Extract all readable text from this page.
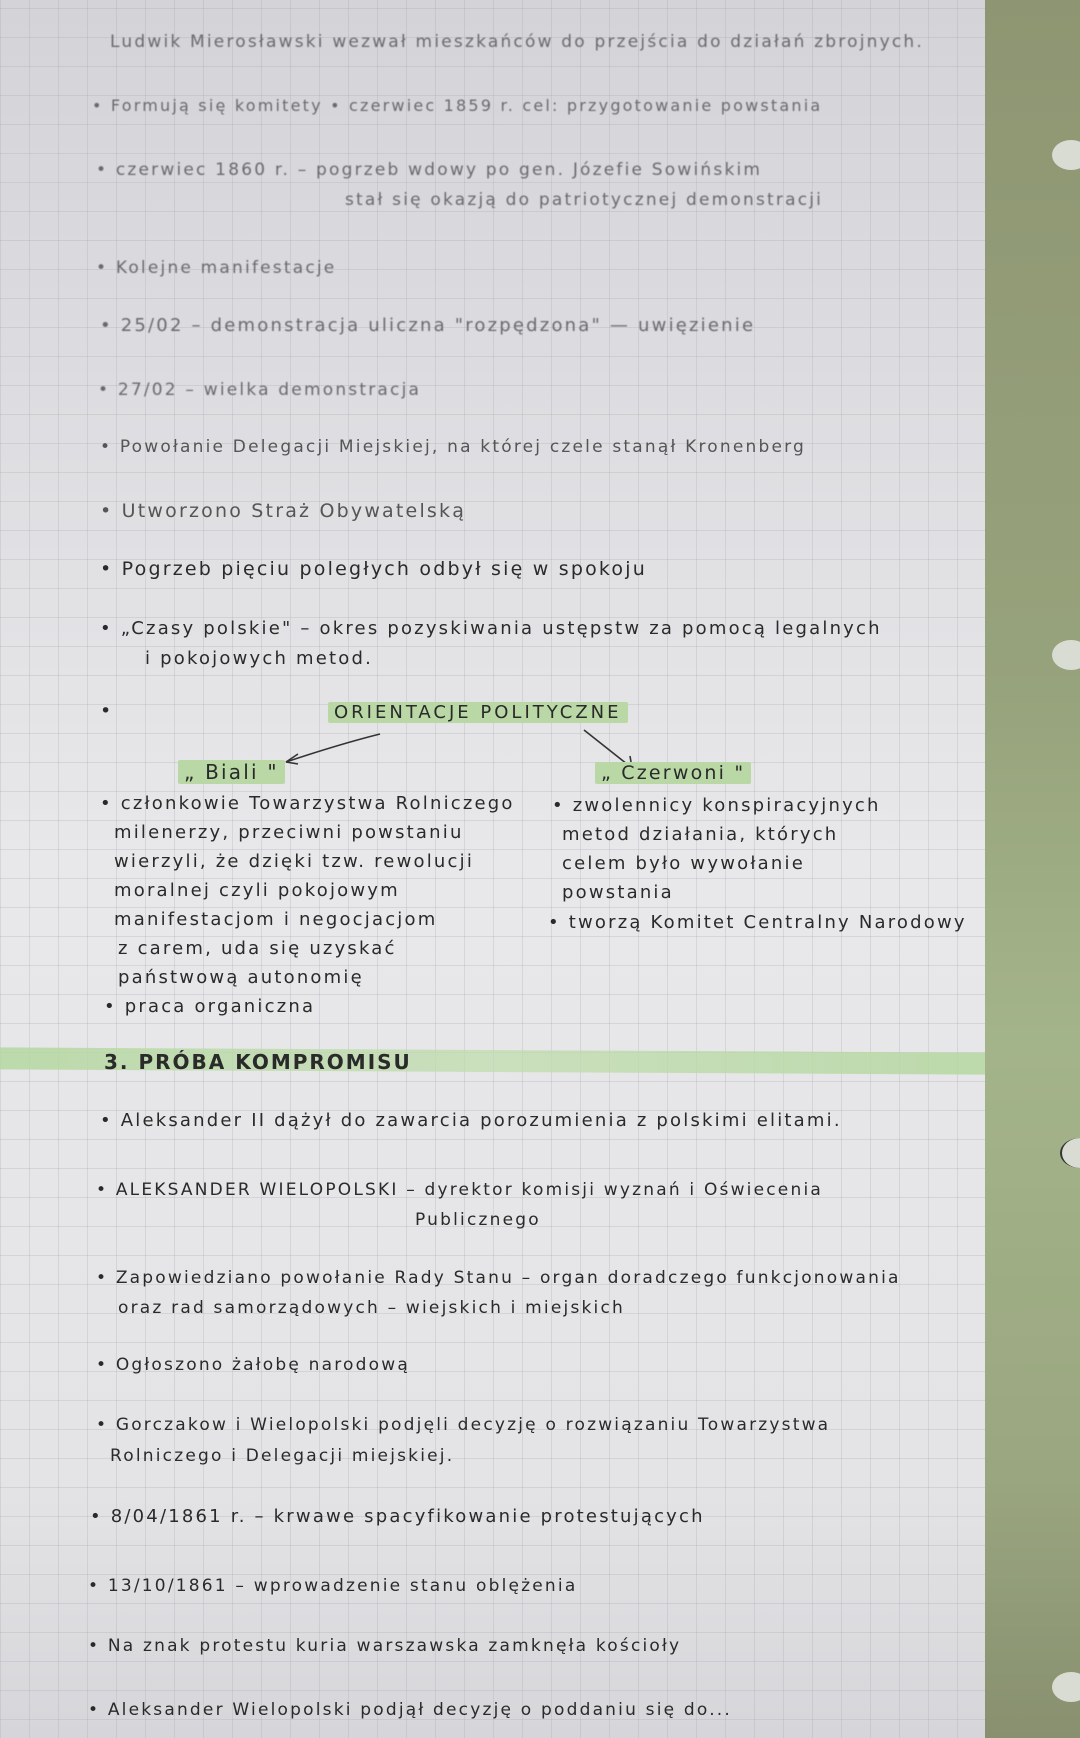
Ludwik Mierosławski wezwał mieszkańców do przejścia do działań zbrojnych.
• Formują się komitety • czerwiec 1859 r. cel: przygotowanie powstania
• czerwiec 1860 r. – pogrzeb wdowy po gen. Józefie Sowińskim
stał się okazją do patriotycznej demonstracji
• Kolejne manifestacje
• 25/02 – demonstracja uliczna "rozpędzona" — uwięzienie
• 27/02 – wielka demonstracja
• Powołanie Delegacji Miejskiej, na której czele stanął Kronenberg
• Utworzono Straż Obywatelską
• Pogrzeb pięciu poległych odbył się w spokoju
• „Czasy polskie" – okres pozyskiwania ustępstw za pomocą legalnych
i pokojowych metod.
•	ORIENTACJE POLITYCZNE
„ Biali "	„ Czerwoni "
• członkowie Towarzystwa Rolniczego
milenerzy, przeciwni powstaniu
wierzyli, że dzięki tzw. rewolucji
moralnej czyli pokojowym
manifestacjom i negocjacjom
z carem, uda się uzyskać
państwową autonomię
• praca organiczna
• zwolennicy konspiracyjnych
metod działania, których
celem było wywołanie
powstania
• tworzą Komitet Centralny Narodowy
3. PRÓBA KOMPROMISU
• Aleksander II dążył do zawarcia porozumienia z polskimi elitami.
• ALEKSANDER WIELOPOLSKI – dyrektor komisji wyznań i Oświecenia
Publicznego
• Zapowiedziano powołanie Rady Stanu – organ doradczego funkcjonowania
oraz rad samorządowych – wiejskich i miejskich
• Ogłoszono żałobę narodową
• Gorczakow i Wielopolski podjęli decyzję o rozwiązaniu Towarzystwa
Rolniczego i Delegacji miejskiej.
• 8/04/1861 r. – krwawe spacyfikowanie protestujących
• 13/10/1861 – wprowadzenie stanu oblężenia
• Na znak protestu kuria warszawska zamknęła kościoły
• Aleksander Wielopolski podjął decyzję o poddaniu się do...
